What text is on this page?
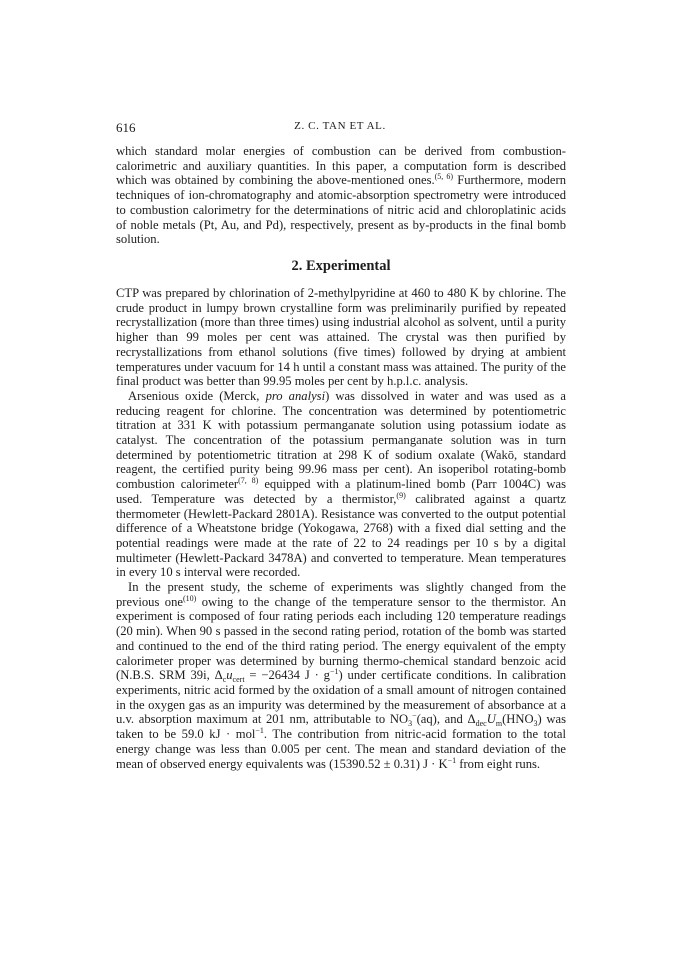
616	Z. C. TAN ET AL.

which standard molar energies of combustion can be derived from combustion-calorimetric and auxiliary quantities. In this paper, a computation form is described which was obtained by combining the above-mentioned ones.$^{(5, 6)}$ Furthermore, modern techniques of ion-chromatography and atomic-absorption spectrometry were introduced to combustion calorimetry for the determinations of nitric acid and chloroplatinic acids of noble metals (Pt, Au, and Pd), respectively, present as by-products in the final bomb solution.

2. Experimental

CTP was prepared by chlorination of 2-methylpyridine at 460 to 480 K by chlorine. The crude product in lumpy brown crystalline form was preliminarily purified by repeated recrystallization (more than three times) using industrial alcohol as solvent, until a purity higher than 99 moles per cent was attained. The crystal was then purified by recrystallizations from ethanol solutions (five times) followed by drying at ambient temperatures under vacuum for 14 h until a constant mass was attained. The purity of the final product was better than 99.95 moles per cent by h.p.l.c. analysis.

Arsenious oxide (Merck, pro analysi) was dissolved in water and was used as a reducing reagent for chlorine. The concentration was determined by potentiometric titration at 331 K with potassium permanganate solution using potassium iodate as catalyst. The concentration of the potassium permanganate solution was in turn determined by potentiometric titration at 298 K of sodium oxalate (Wakō, standard reagent, the certified purity being 99.96 mass per cent). An isoperibol rotating-bomb combustion calorimeter$^{(7, 8)}$ equipped with a platinum-lined bomb (Parr 1004C) was used. Temperature was detected by a thermistor,$^{(9)}$ calibrated against a quartz thermometer (Hewlett-Packard 2801A). Resistance was converted to the output potential difference of a Wheatstone bridge (Yokogawa, 2768) with a fixed dial setting and the potential readings were made at the rate of 22 to 24 readings per 10 s by a digital multimeter (Hewlett-Packard 3478A) and converted to temperature. Mean temperatures in every 10 s interval were recorded.

In the present study, the scheme of experiments was slightly changed from the previous one$^{(10)}$ owing to the change of the temperature sensor to the thermistor. An experiment is composed of four rating periods each including 120 temperature readings (20 min). When 90 s passed in the second rating period, rotation of the bomb was started and continued to the end of the third rating period. The energy equivalent of the empty calorimeter proper was determined by burning thermo-chemical standard benzoic acid (N.B.S. SRM 39i, $\Delta_cu_{cert} = -26434$ $J \cdot g^{-1}$) under certificate conditions. In calibration experiments, nitric acid formed by the oxidation of a small amount of nitrogen contained in the oxygen gas as an impurity was determined by the measurement of absorbance at a u.v. absorption maximum at 201 nm, attributable to $NO_3^-(aq)$, and $\Delta_{dec}U_m(HNO_3)$ was taken to be 59.0 kJ · mol$^{-1}$. The contribution from nitric-acid formation to the total energy change was less than 0.005 per cent. The mean and standard deviation of the mean of observed energy equivalents was (15390.52 ± 0.31) $J \cdot K^{-1}$ from eight runs.
